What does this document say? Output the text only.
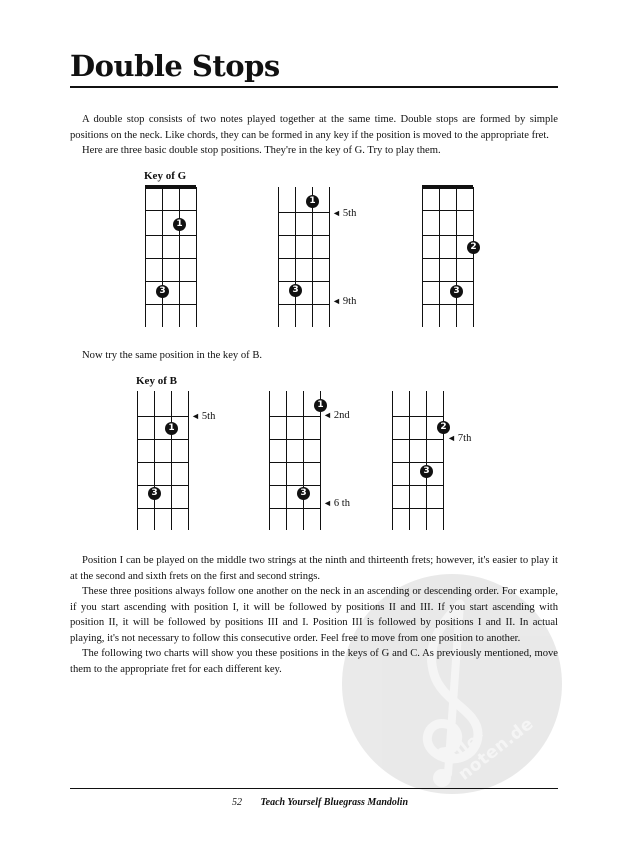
Double Stops

A double stop consists of two notes played together at the same time. Double stops are formed by simple positions on the neck. Like chords, they can be formed in any key if the position is moved to the appropriate fret.

Here are three basic double stop positions. They're in the key of G. Try to play them.

Key of G
1
3
1
3
◄ 5th
◄ 9th
2
3

Now try the same position in the key of B.

Key of B
1
3
◄ 5th
1
3
◄ 2nd
◄ 6 th
2
3
◄ 7th
alle-noten.de

Position I can be played on the middle two strings at the ninth and thirteenth frets; however, it's easier to play it at the second and sixth frets on the first and second strings.

These three positions always follow one another on the neck in an ascending or descending order. For example, if you start ascending with position I, it will be followed by positions II and III. If you start ascending with position II, it will be followed by positions III and I. Position III is followed by positions I and II. In actual playing, it's not necessary to follow this consecutive order. Feel free to move from one position to another.

The following two charts will show you these positions in the keys of G and C. As previously mentioned, move them to the appropriate fret for each different key.

52 Teach Yourself Bluegrass Mandolin
